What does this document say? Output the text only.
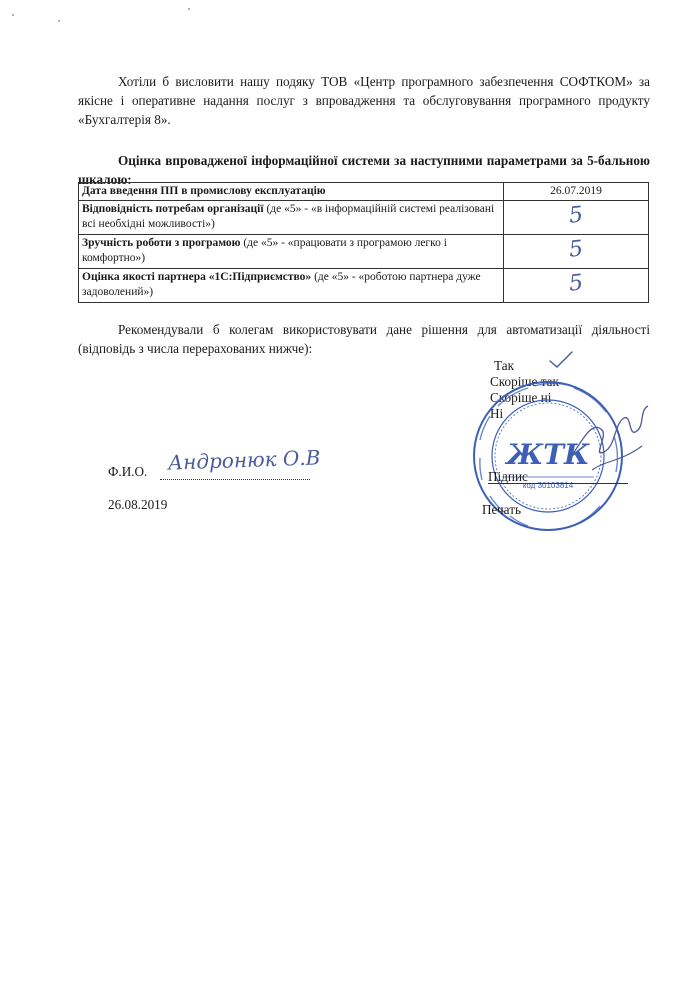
Хотіли б висловити нашу подяку ТОВ «Центр програмного забезпечення СОФТКОМ» за якісне і оперативне надання послуг з впровадження та обслуговування програмного продукту «Бухгалтерія 8».

Оцінка впровадженої інформаційної системи за наступними параметрами за 5-бальною шкалою:

Дата введення ПП в промислову експлуатацію	26.07.2019
Відповідність потребам організації (де «5» - «в інформаційній системі реалізовані всі необхідні можливості»)	5
Зручність роботи з програмою (де «5» - «працювати з програмою легко і комфортно»)	5
Оцінка якості партнера «1С:Підприємство» (де «5» - «роботою партнера дуже задоволений»)	5

Рекомендували б колегам використовувати дане рішення для автоматизації діяльності (відповідь з числа перерахованих нижче):

Так
Скоріше так
Скоріше ні
Ні
ЖТК
код 30103814
Ф.И.О. Андронюк О.В
26.08.2019
Підпис
Печать
